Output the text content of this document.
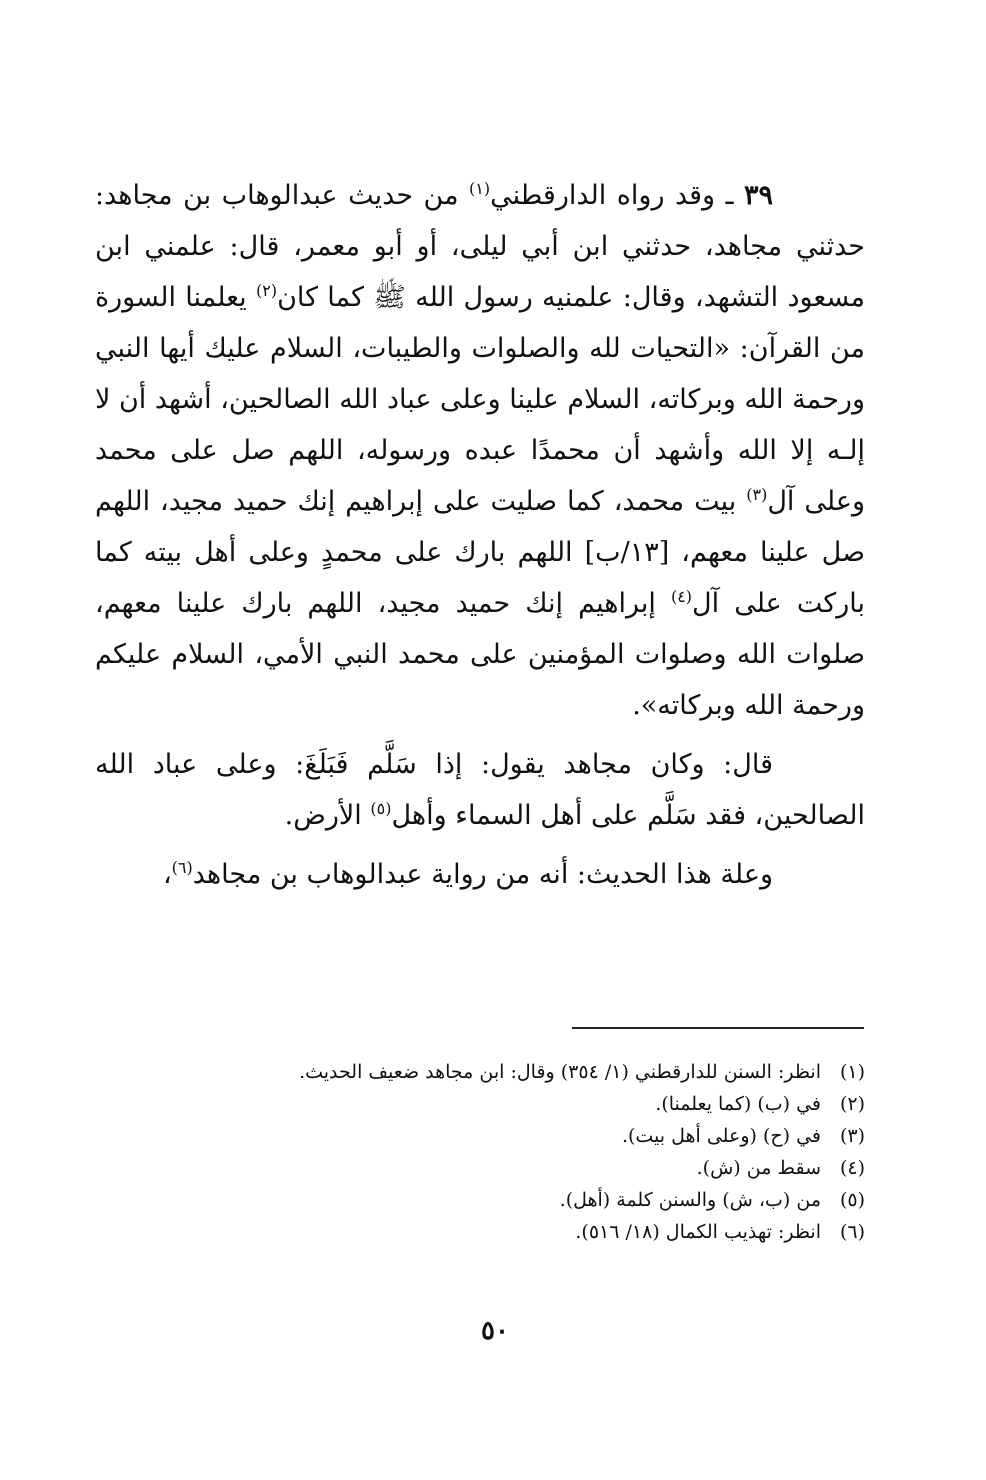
٣٩ ـ وقد رواه الدارقطني$^{(١)}$ من حديث عبدالوهاب بن مجاهد: حدثني مجاهد، حدثني ابن أبي ليلى، أو أبو معمر، قال: علمني ابن مسعود التشهد، وقال: علمنيه رسول الله ﷺ كما كان$^{(٢)}$ يعلمنا السورة من القرآن: «التحيات لله والصلوات والطيبات، السلام عليك أيها النبي ورحمة الله وبركاته، السلام علينا وعلى عباد الله الصالحين، أشهد أن لا إلـه إلا الله وأشهد أن محمدًا عبده ورسوله، اللهم صل على محمد وعلى آل$^{(٣)}$ بيت محمد، كما صليت على إبراهيم إنك حميد مجيد، اللهم صل علينا معهم، [١٣/ب] اللهم بارك على محمدٍ وعلى أهل بيته كما باركت على آل$^{(٤)}$ إبراهيم إنك حميد مجيد، اللهم بارك علينا معهم، صلوات الله وصلوات المؤمنين على محمد النبي الأمي، السلام عليكم ورحمة الله وبركاته».

قال: وكان مجاهد يقول: إذا سَلَّم فَبَلَغَ: وعلى عباد الله الصالحين، فقد سَلَّم على أهل السماء وأهل$^{(٥)}$ الأرض.

وعلة هذا الحديث: أنه من رواية عبدالوهاب بن مجاهد$^{(٦)}$،

(١)انظر: السنن للدارقطني (١/ ٣٥٤) وقال: ابن مجاهد ضعيف الحديث.
(٢)في (ب) (كما يعلمنا).
(٣)في (ح) (وعلى أهل بيت).
(٤)سقط من (ش).
(٥)من (ب، ش) والسنن كلمة (أهل).
(٦)انظر: تهذيب الكمال (١٨/ ٥١٦).
٥٠
